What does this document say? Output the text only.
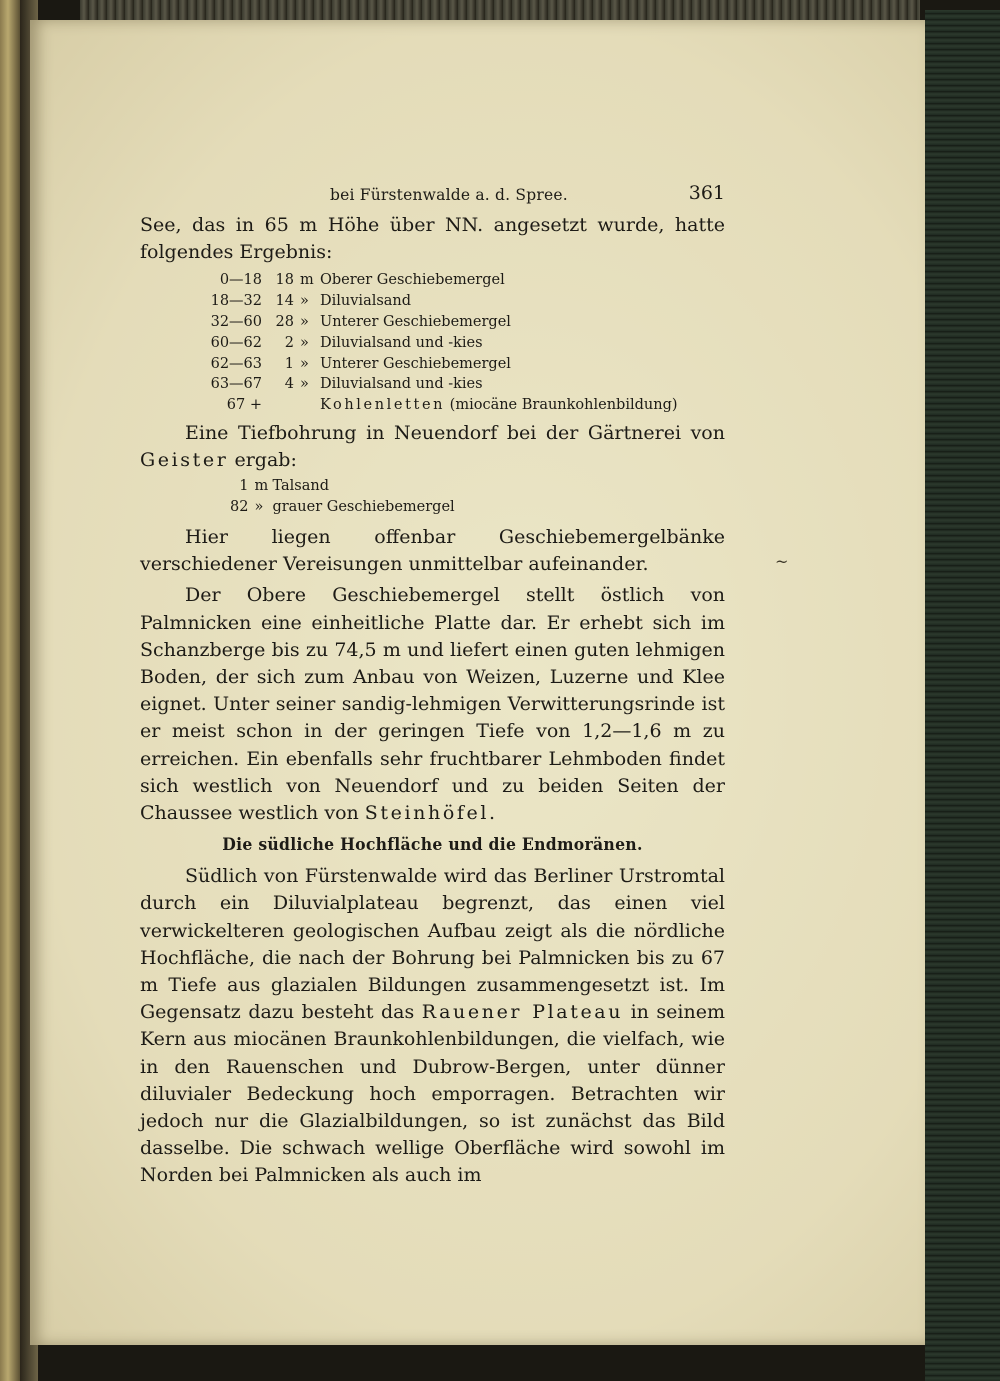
bei Fürstenwalde a. d. Spree.	361

See, das in 65 m Höhe über NN. angesetzt wurde, hatte folgendes Ergebnis:

0—18	18	m	Oberer Geschiebemergel
18—32	14	»	Diluvialsand
32—60	28	»	Unterer Geschiebemergel
60—62	2	»	Diluvialsand und -kies
62—63	1	»	Unterer Geschiebemergel
63—67	4	»	Diluvialsand und -kies
67 +			Kohlenletten (miocäne Braunkohlenbildung)

Eine Tiefbohrung in Neuendorf bei der Gärtnerei von Geister ergab:

1	m	Talsand
82	»	grauer Geschiebemergel

Hier liegen offenbar Geschiebemergelbänke verschiedener Vereisungen unmittelbar aufeinander.

Der Obere Geschiebemergel stellt östlich von Palmnicken eine einheitliche Platte dar. Er erhebt sich im Schanzberge bis zu 74,5 m und liefert einen guten lehmigen Boden, der sich zum Anbau von Weizen, Luzerne und Klee eignet. Unter seiner sandig-lehmigen Verwitterungsrinde ist er meist schon in der geringen Tiefe von 1,2—1,6 m zu erreichen. Ein ebenfalls sehr fruchtbarer Lehmboden findet sich westlich von Neuendorf und zu beiden Seiten der Chaussee westlich von Steinhöfel.

Die südliche Hochfläche und die Endmoränen.

Südlich von Fürstenwalde wird das Berliner Urstromtal durch ein Diluvialplateau begrenzt, das einen viel verwickelteren geologischen Aufbau zeigt als die nördliche Hochfläche, die nach der Bohrung bei Palmnicken bis zu 67 m Tiefe aus glazialen Bildungen zusammengesetzt ist. Im Gegensatz dazu besteht das Rauener Plateau in seinem Kern aus miocänen Braunkohlenbildungen, die vielfach, wie in den Rauenschen und Dubrow-Bergen, unter dünner diluvialer Bedeckung hoch emporragen. Betrachten wir jedoch nur die Glazialbildungen, so ist zunächst das Bild dasselbe. Die schwach wellige Oberfläche wird sowohl im Norden bei Palmnicken als auch im

~
